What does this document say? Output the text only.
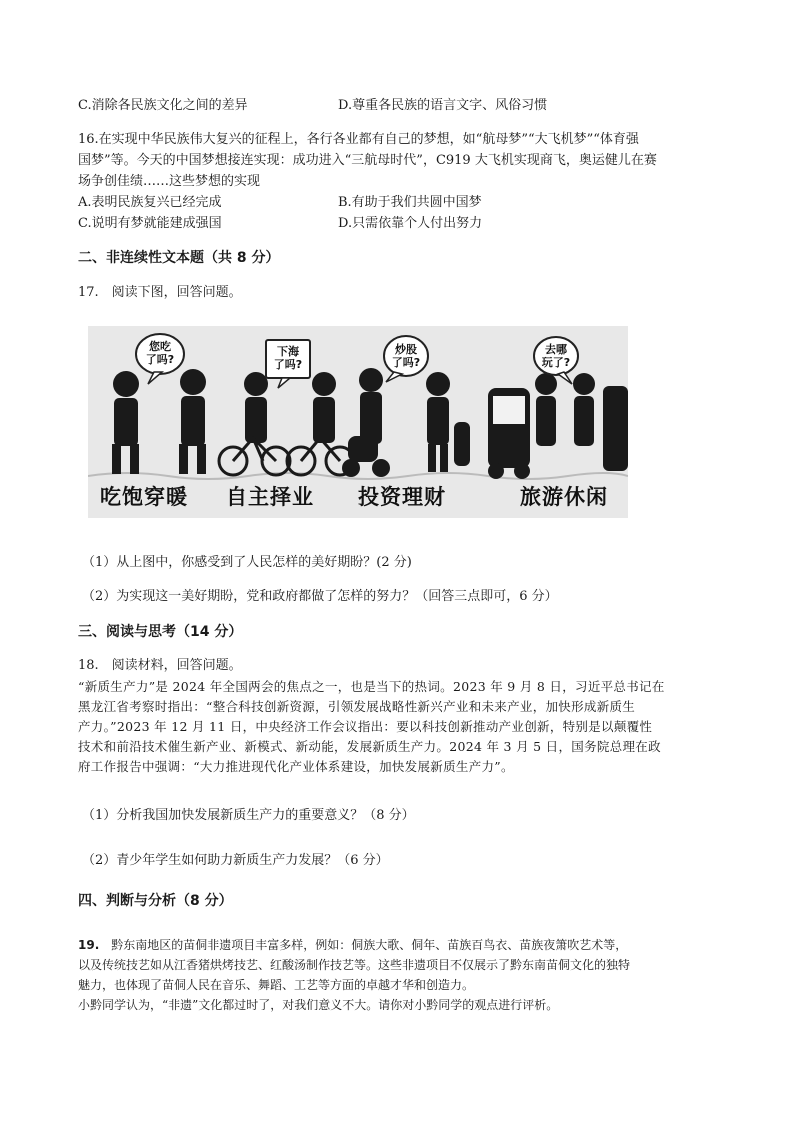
C.消除各民族文化之间的差异	D.尊重各民族的语言文字、风俗习惯
16.在实现中华民族伟大复兴的征程上，各行各业都有自己的梦想，如“航母梦”“大飞机梦”“体育强
国梦”等。今天的中国梦想接连实现：成功进入“三航母时代”，C919 大飞机实现商飞，奥运健儿在赛
场争创佳绩……这些梦想的实现
A.表明民族复兴已经完成	B.有助于我们共圆中国梦
C.说明有梦就能建成强国	D.只需依靠个人付出努力
二、非连续性文本题（共 8 分）
17.　阅读下图，回答问题。
您吃
了吗?
下海
了吗?
炒股
了吗?
去哪
玩了?
吃饱穿暖 自主择业 投资理财	旅游休闲
（1）从上图中，你感受到了人民怎样的美好期盼？(2 分)
（2）为实现这一美好期盼，党和政府都做了怎样的努力？（回答三点即可，6 分）
三、阅读与思考（14 分）
18.　阅读材料，回答问题。

“新质生产力”是 2024 年全国两会的焦点之一，也是当下的热词。2023 年 9 月 8 日，习近平总书记在

黑龙江省考察时指出：“整合科技创新资源，引领发展战略性新兴产业和未来产业，加快形成新质生

产力。”2023 年 12 月 11 日，中央经济工作会议指出：要以科技创新推动产业创新，特别是以颠覆性

技术和前沿技术催生新产业、新模式、新动能，发展新质生产力。2024 年 3 月 5 日，国务院总理在政

府工作报告中强调：“大力推进现代化产业体系建设，加快发展新质生产力”。

（1）分析我国加快发展新质生产力的重要意义？（8 分）
（2）青少年学生如何助力新质生产力发展？（6 分）
四、判断与分析（8 分）

19.　黔东南地区的苗侗非遗项目丰富多样，例如：侗族大歌、侗年、苗族百鸟衣、苗族夜箫吹艺术等，

以及传统技艺如从江香猪烘烤技艺、红酸汤制作技艺等。这些非遗项目不仅展示了黔东南苗侗文化的独特

魅力，也体现了苗侗人民在音乐、舞蹈、工艺等方面的卓越才华和创造力。

小黔同学认为，“非遗”文化都过时了，对我们意义不大。请你对小黔同学的观点进行评析。
